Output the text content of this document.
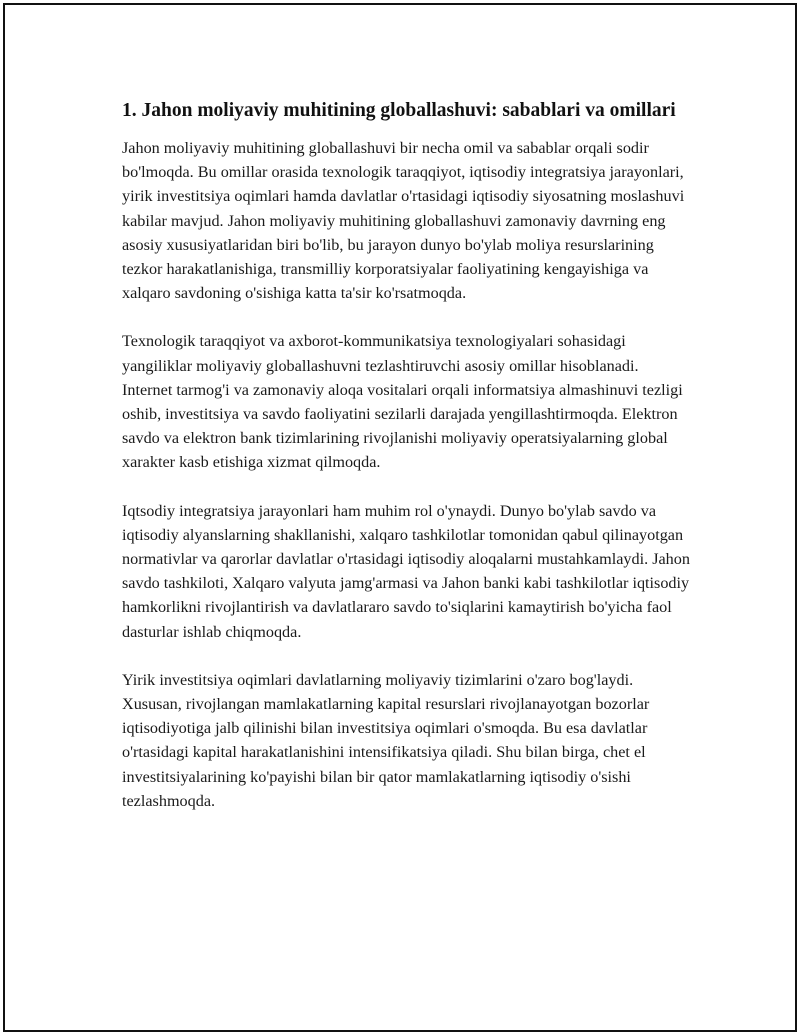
1. Jahon moliyaviy muhitining globallashuvi: sabablari va omillari

Jahon moliyaviy muhitining globallashuvi bir necha omil va sabablar orqali sodir bo'lmoqda. Bu omillar orasida texnologik taraqqiyot, iqtisodiy integratsiya jarayonlari, yirik investitsiya oqimlari hamda davlatlar o'rtasidagi iqtisodiy siyosatning moslashuvi kabilar mavjud. Jahon moliyaviy muhitining globallashuvi zamonaviy davrning eng asosiy xususiyatlaridan biri bo'lib, bu jarayon dunyo bo'ylab moliya resurslarining tezkor harakatlanishiga, transmilliy korporatsiyalar faoliyatining kengayishiga va xalqaro savdoning o'sishiga katta ta'sir ko'rsatmoqda.

Texnologik taraqqiyot va axborot-kommunikatsiya texnologiyalari sohasidagi yangiliklar moliyaviy globallashuvni tezlashtiruvchi asosiy omillar hisoblanadi. Internet tarmog'i va zamonaviy aloqa vositalari orqali informatsiya almashinuvi tezligi oshib, investitsiya va savdo faoliyatini sezilarli darajada yengillashtirmoqda. Elektron savdo va elektron bank tizimlarining rivojlanishi moliyaviy operatsiyalarning global xarakter kasb etishiga xizmat qilmoqda.

Iqtsodiy integratsiya jarayonlari ham muhim rol o'ynaydi. Dunyo bo'ylab savdo va iqtisodiy alyanslarning shakllanishi, xalqaro tashkilotlar tomonidan qabul qilinayotgan normativlar va qarorlar davlatlar o'rtasidagi iqtisodiy aloqalarni mustahkamlaydi. Jahon savdo tashkiloti, Xalqaro valyuta jamg'armasi va Jahon banki kabi tashkilotlar iqtisodiy hamkorlikni rivojlantirish va davlatlararo savdo to'siqlarini kamaytirish bo'yicha faol dasturlar ishlab chiqmoqda.

Yirik investitsiya oqimlari davlatlarning moliyaviy tizimlarini o'zaro bog'laydi. Xususan, rivojlangan mamlakatlarning kapital resurslari rivojlanayotgan bozorlar iqtisodiyotiga jalb qilinishi bilan investitsiya oqimlari o'smoqda. Bu esa davlatlar o'rtasidagi kapital harakatlanishini intensifikatsiya qiladi. Shu bilan birga, chet el investitsiyalarining ko'payishi bilan bir qator mamlakatlarning iqtisodiy o'sishi tezlashmoqda.
